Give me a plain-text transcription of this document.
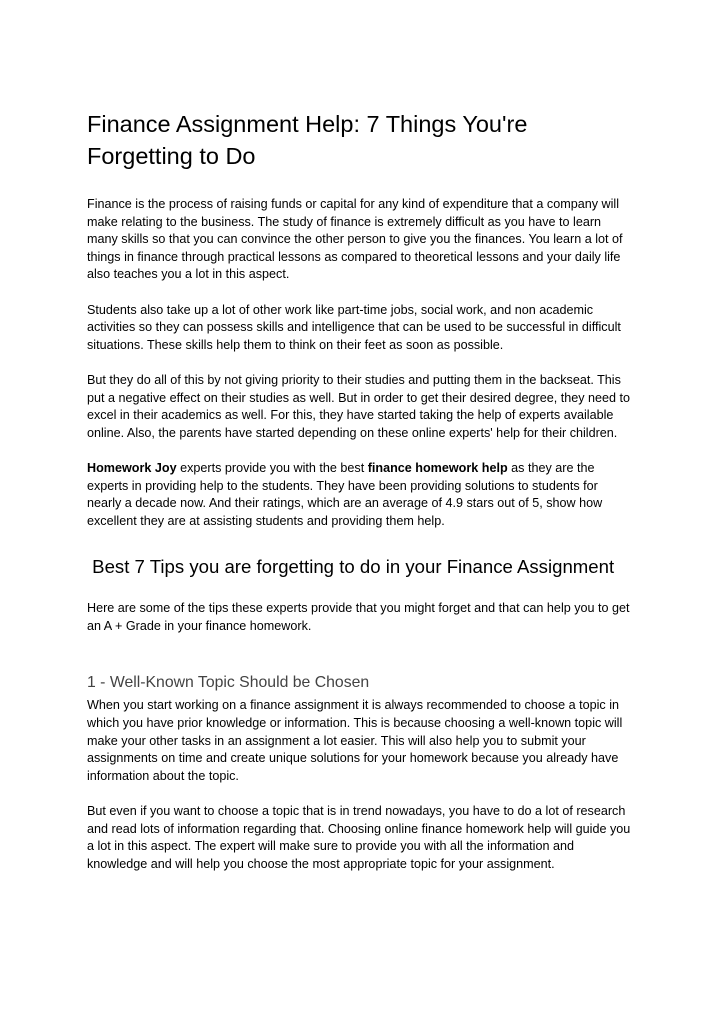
Finance Assignment Help: 7 Things You're Forgetting to Do

Finance is the process of raising funds or capital for any kind of expenditure that a company will make relating to the business. The study of finance is extremely difficult as you have to learn many skills so that you can convince the other person to give you the finances. You learn a lot of things in finance through practical lessons as compared to theoretical lessons and your daily life also teaches you a lot in this aspect.

Students also take up a lot of other work like part-time jobs, social work, and non academic activities so they can possess skills and intelligence that can be used to be successful in difficult situations. These skills help them to think on their feet as soon as possible.

But they do all of this by not giving priority to their studies and putting them in the backseat. This put a negative effect on their studies as well. But in order to get their desired degree, they need to excel in their academics as well. For this, they have started taking the help of experts available online. Also, the parents have started depending on these online experts' help for their children.

Homework Joy experts provide you with the best finance homework help as they are the experts in providing help to the students. They have been providing solutions to students for nearly a decade now. And their ratings, which are an average of 4.9 stars out of 5, show how excellent they are at assisting students and providing them help.

Best 7 Tips you are forgetting to do in your Finance Assignment

Here are some of the tips these experts provide that you might forget and that can help you to get an A + Grade in your finance homework.

1 - Well-Known Topic Should be Chosen

When you start working on a finance assignment it is always recommended to choose a topic in which you have prior knowledge or information. This is because choosing a well-known topic will make your other tasks in an assignment a lot easier. This will also help you to submit your assignments on time and create unique solutions for your homework because you already have information about the topic.

But even if you want to choose a topic that is in trend nowadays, you have to do a lot of research and read lots of information regarding that. Choosing online finance homework help will guide you a lot in this aspect. The expert will make sure to provide you with all the information and knowledge and will help you choose the most appropriate topic for your assignment.
